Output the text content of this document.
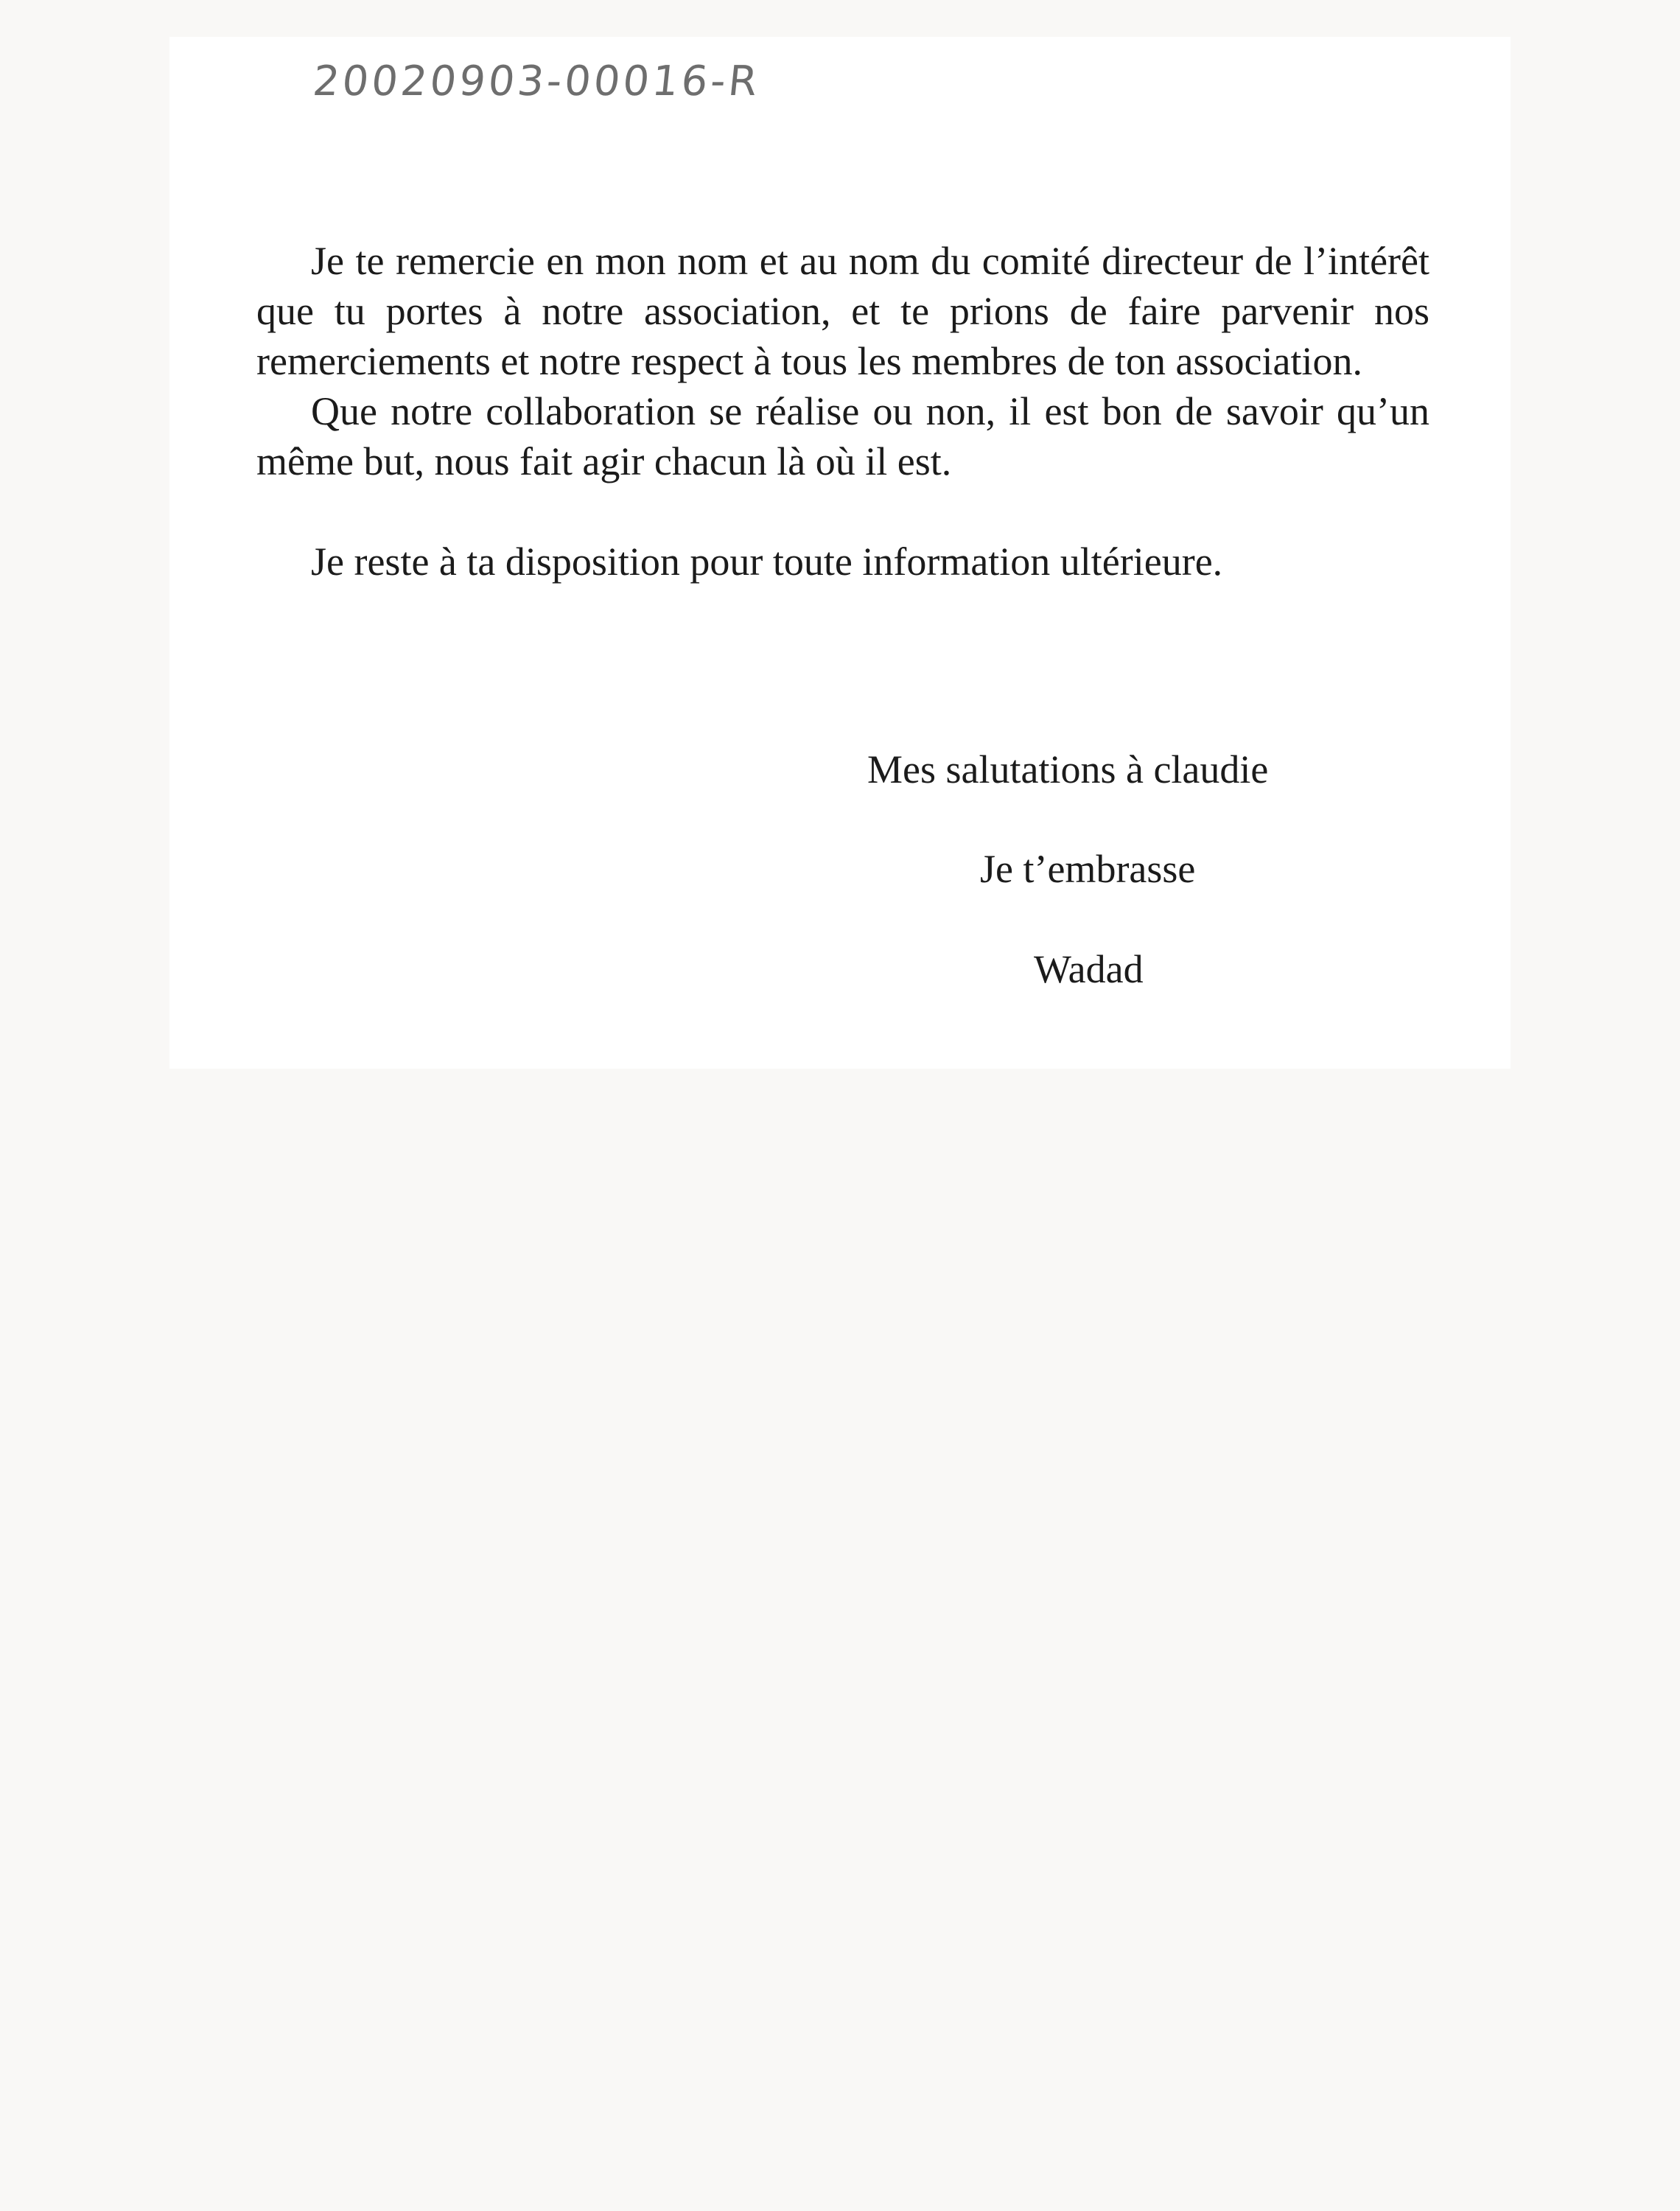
20020903-00016-R

Je te remercie en mon nom et au nom du comité directeur de l’intérêt que tu portes à notre association, et te prions de faire parvenir nos remerciements et notre respect à tous les membres de ton association.

Que notre collaboration se réalise ou non, il est bon de savoir qu’un même but, nous fait agir chacun là où il est.

Je reste à ta disposition pour toute information ultérieure.

Mes salutations à claudie
Je t’embrasse
Wadad
